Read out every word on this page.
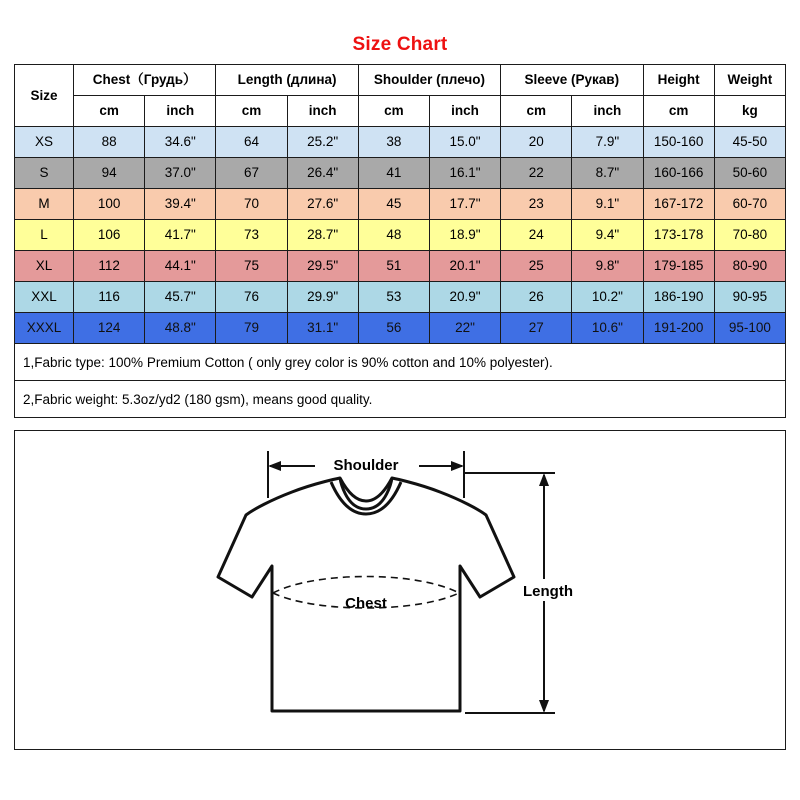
Size Chart
Size	Chest（Грудь）		Length (длина)		Shoulder (плечо)		Sleeve (Рукав)		Height	Weight
	cm	inch	cm	inch	cm	inch	cm	inch	cm	kg
XS	88	34.6"	64	25.2"	38	15.0"	20	7.9"	150-160	45-50
S	94	37.0"	67	26.4"	41	16.1"	22	8.7"	160-166	50-60
M	100	39.4"	70	27.6"	45	17.7"	23	9.1"	167-172	60-70
L	106	41.7"	73	28.7"	48	18.9"	24	9.4"	173-178	70-80
XL	112	44.1"	75	29.5"	51	20.1"	25	9.8"	179-185	80-90
XXL	116	45.7"	76	29.9"	53	20.9"	26	10.2"	186-190	90-95
XXXL	124	48.8"	79	31.1"	56	22"	27	10.6"	191-200	95-100
1,Fabric type: 100% Premium Cotton ( only grey color is 90% cotton and 10% polyester).
2,Fabric weight: 5.3oz/yd2 (180 gsm), means good quality.
Chest
Shoulder
Length
